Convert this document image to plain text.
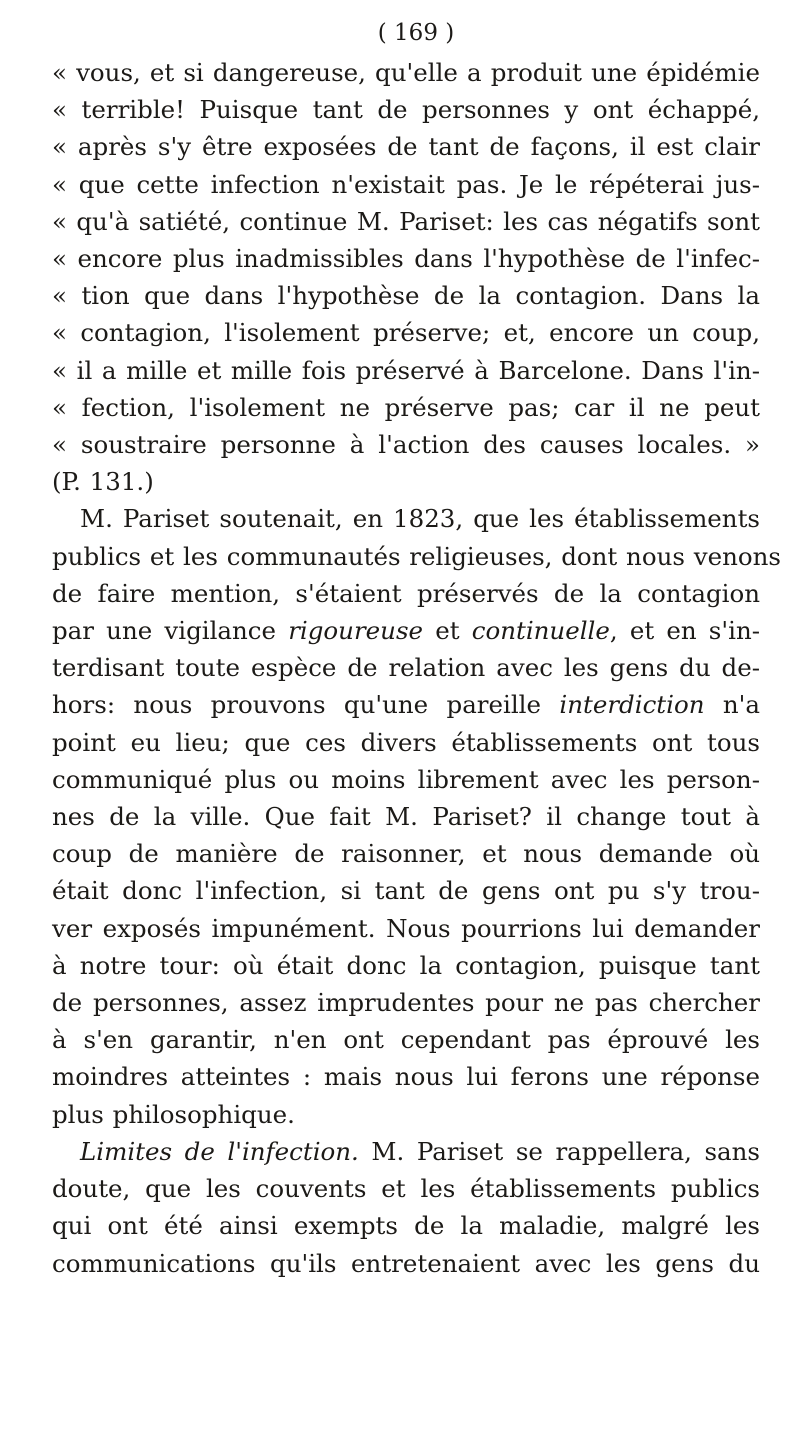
( 169 )
« vous, et si dangereuse, qu'elle a produit une épidémie
« terrible! Puisque tant de personnes y ont échappé,
« après s'y être exposées de tant de façons, il est clair
« que cette infection n'existait pas. Je le répéterai jus-
« qu'à satiété, continue M. Pariset: les cas négatifs sont
« encore plus inadmissibles dans l'hypothèse de l'infec-
« tion que dans l'hypothèse de la contagion. Dans la
« contagion, l'isolement préserve; et, encore un coup,
« il a mille et mille fois préservé à Barcelone. Dans l'in-
« fection, l'isolement ne préserve pas; car il ne peut
« soustraire personne à l'action des causes locales. »
(P. 131.)
M. Pariset soutenait, en 1823, que les établissements
publics et les communautés religieuses, dont nous venons
de faire mention, s'étaient préservés de la contagion
par une vigilance rigoureuse et continuelle, et en s'in-
terdisant toute espèce de relation avec les gens du de-
hors: nous prouvons qu'une pareille interdiction n'a
point eu lieu; que ces divers établissements ont tous
communiqué plus ou moins librement avec les person-
nes de la ville. Que fait M. Pariset? il change tout à
coup de manière de raisonner, et nous demande où
était donc l'infection, si tant de gens ont pu s'y trou-
ver exposés impunément. Nous pourrions lui demander
à notre tour: où était donc la contagion, puisque tant
de personnes, assez imprudentes pour ne pas chercher
à s'en garantir, n'en ont cependant pas éprouvé les
moindres atteintes : mais nous lui ferons une réponse
plus philosophique.
Limites de l'infection. M. Pariset se rappellera, sans
doute, que les couvents et les établissements publics
qui ont été ainsi exempts de la maladie, malgré les
communications qu'ils entretenaient avec les gens du
